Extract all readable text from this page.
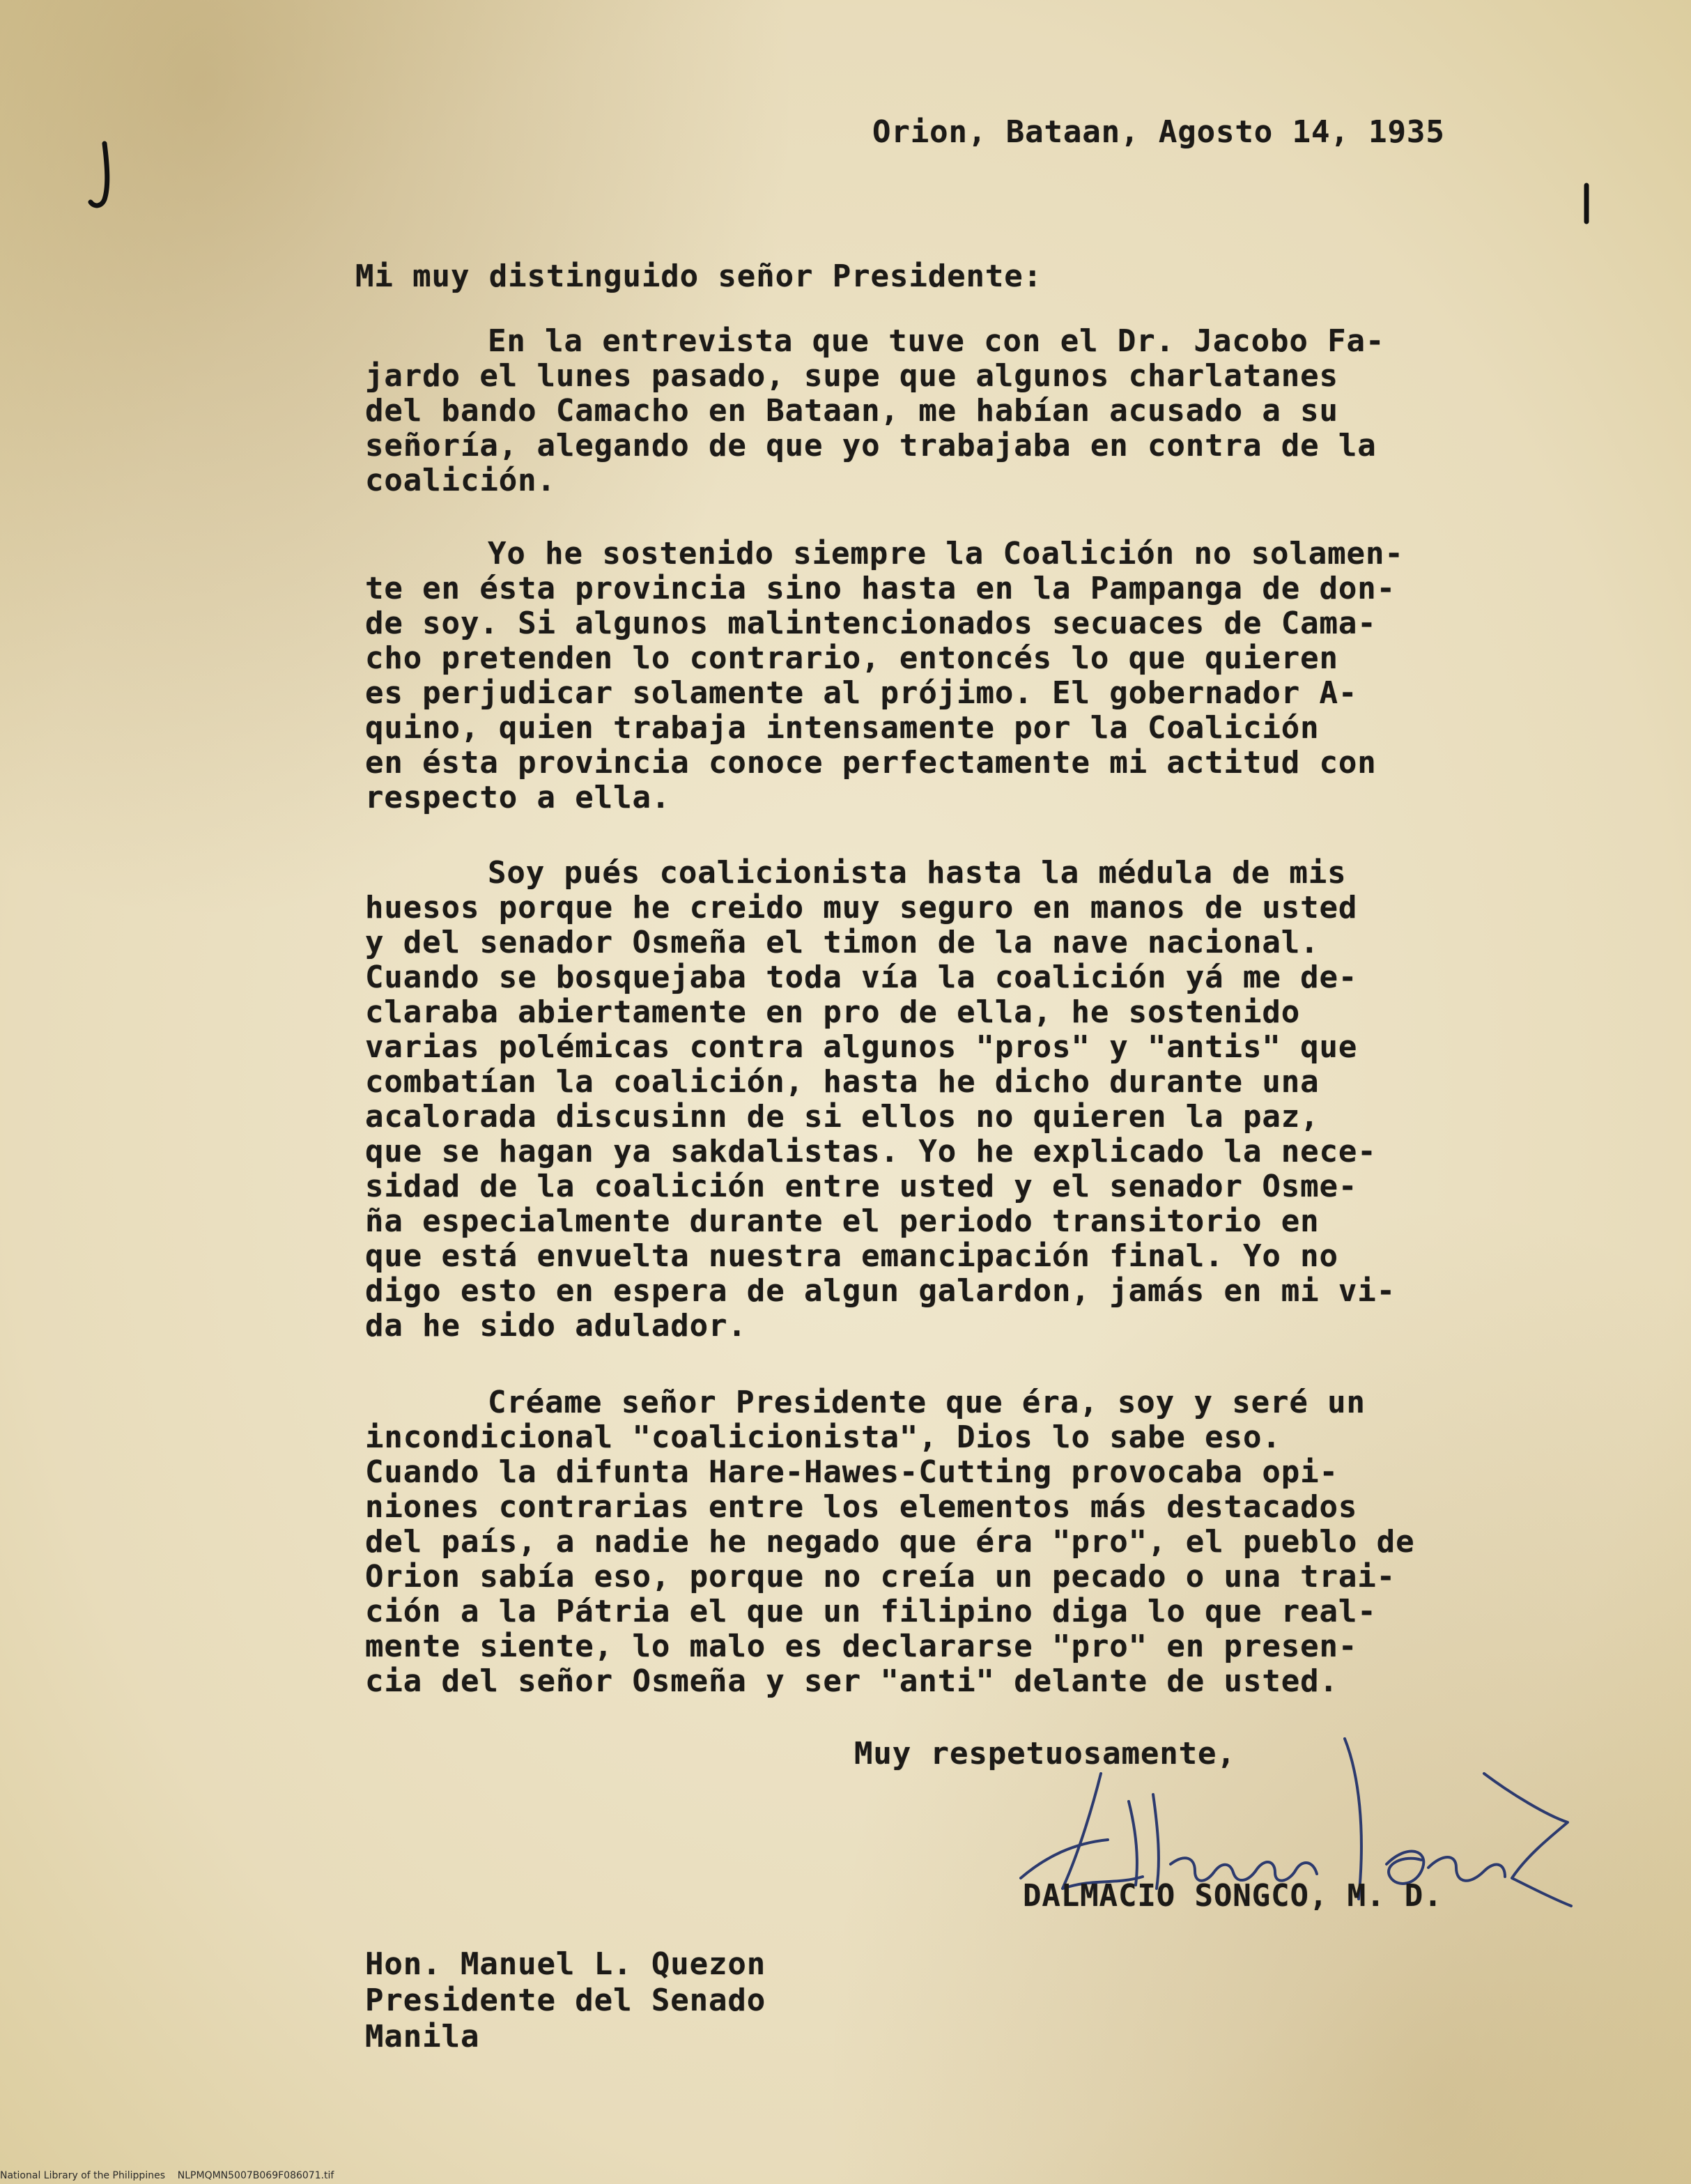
Orion, Bataan, Agosto 14, 1935
Mi muy distinguido señor Presidente:
En la entrevista que tuve con el Dr. Jacobo Fa-
jardo el lunes pasado, supe que algunos charlatanes
del bando Camacho en Bataan, me habían acusado a su
señoría, alegando de que yo trabajaba en contra de la
coalición.
Yo he sostenido siempre la Coalición no solamen-
te en ésta provincia sino hasta en la Pampanga de don-
de soy. Si algunos malintencionados secuaces de Cama-
cho pretenden lo contrario, entoncés lo que quieren
es perjudicar solamente al prójimo. El gobernador A-
quino, quien trabaja intensamente por la Coalición
en ésta provincia conoce perfectamente mi actitud con
respecto a ella.
Soy pués coalicionista hasta la médula de mis
huesos porque he creido muy seguro en manos de usted
y del senador Osmeña el timon de la nave nacional.
Cuando se bosquejaba toda vía la coalición yá me de-
claraba abiertamente en pro de ella, he sostenido
varias polémicas contra algunos "pros" y "antis" que
combatían la coalición, hasta he dicho durante una
acalorada discusinn de si ellos no quieren la paz,
que se hagan ya sakdalistas. Yo he explicado la nece-
sidad de la coalición entre usted y el senador Osme-
ña especialmente durante el periodo transitorio en
que está envuelta nuestra emancipación final. Yo no
digo esto en espera de algun galardon, jamás en mi vi-
da he sido adulador.
Créame señor Presidente que éra, soy y seré un
incondicional "coalicionista", Dios lo sabe eso.
Cuando la difunta Hare-Hawes-Cutting provocaba opi-
niones contrarias entre los elementos más destacados
del país, a nadie he negado que éra "pro", el pueblo de
Orion sabía eso, porque no creía un pecado o una trai-
ción a la Pátria el que un filipino diga lo que real-
mente siente, lo malo es declararse "pro" en presen-
cia del señor Osmeña y ser "anti" delante de usted.
Muy respetuosamente,
DALMACIO SONGCO, M. D.
Hon. Manuel L. Quezon
Presidente del Senado
Manila
National Library of the Philippines    NLPMQMN5007B069F086071.tif
